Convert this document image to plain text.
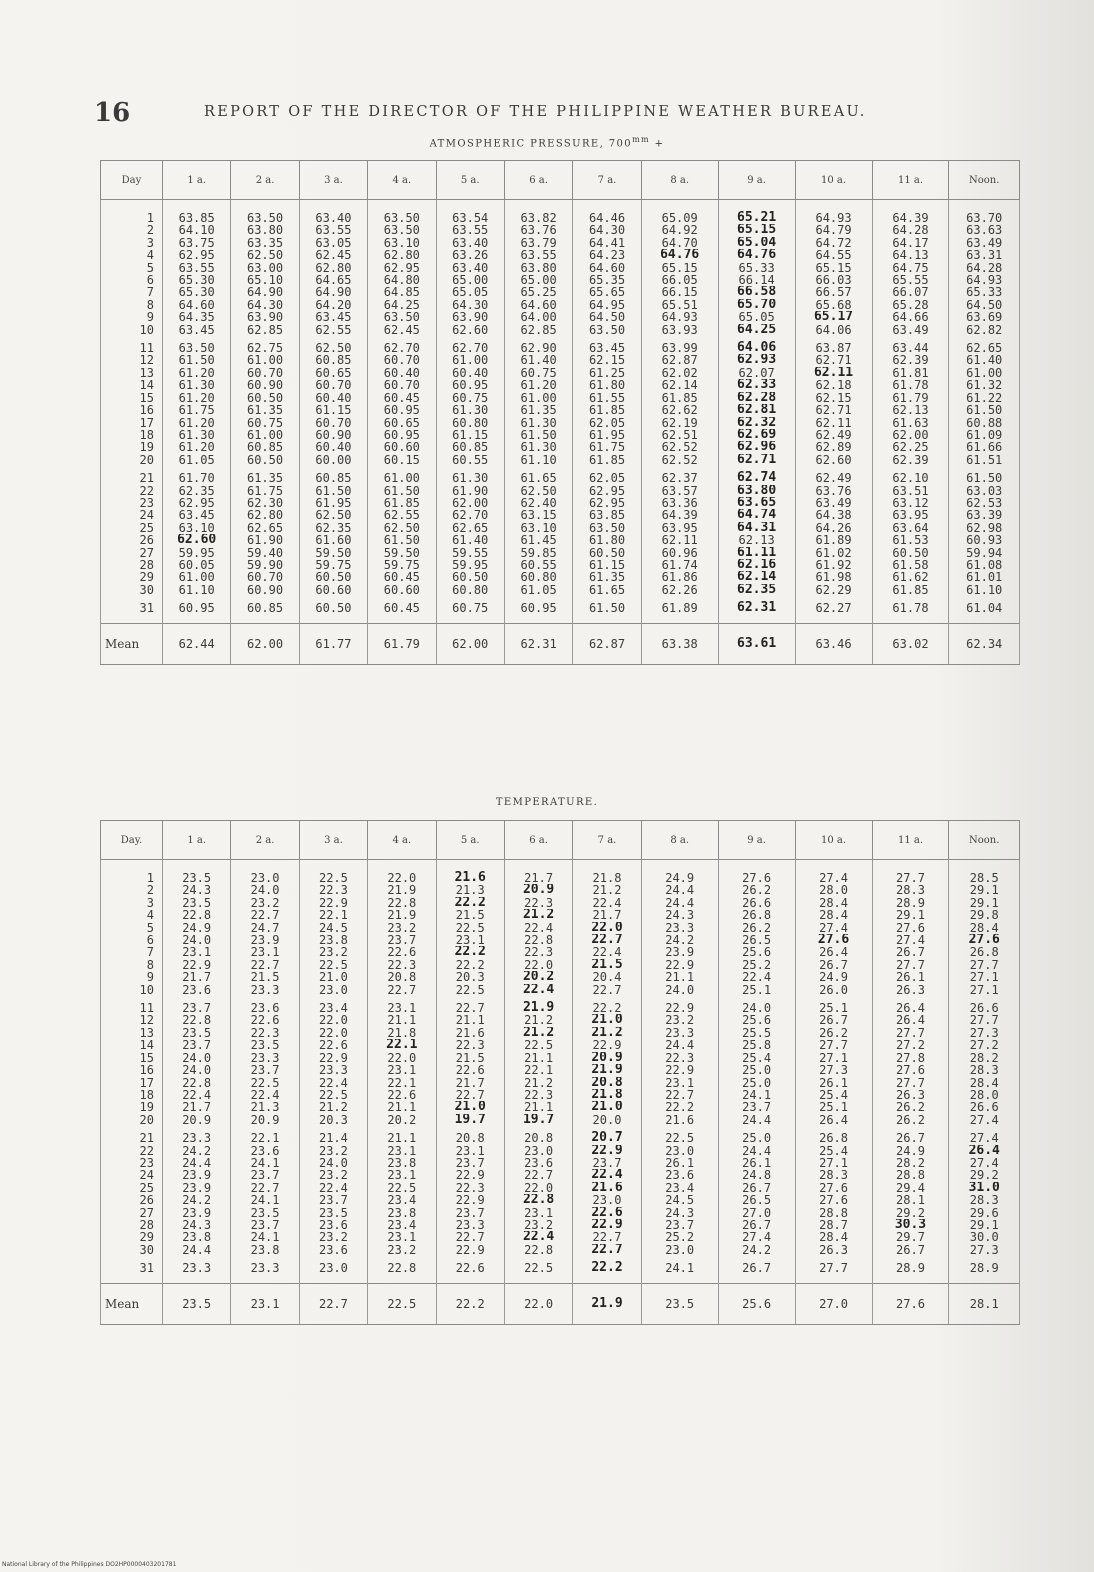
16	REPORT OF THE DIRECTOR OF THE PHILIPPINE WEATHER BUREAU.
ATMOSPHERIC PRESSURE, $700^{mm}$ +
Day	1 a.	2 a.	3 a.	4 a.	5 a.	6 a.	7 a.	8 a.	9 a.	10 a.	11 a.	Noon.
1	63.85	63.50	63.40	63.50	63.54	63.82	64.46	65.09	65.21	64.93	64.39	63.70
2	64.10	63.80	63.55	63.50	63.55	63.76	64.30	64.92	65.15	64.79	64.28	63.63
3	63.75	63.35	63.05	63.10	63.40	63.79	64.41	64.70	65.04	64.72	64.17	63.49
4	62.95	62.50	62.45	62.80	63.26	63.55	64.23	64.76	64.76	64.55	64.13	63.31
5	63.55	63.00	62.80	62.95	63.40	63.80	64.60	65.15	65.33	65.15	64.75	64.28
6	65.30	65.10	64.65	64.80	65.00	65.00	65.35	66.05	66.14	66.03	65.55	64.93
7	65.30	64.90	64.90	64.85	65.05	65.25	65.65	66.15	66.58	66.57	66.07	65.33
8	64.60	64.30	64.20	64.25	64.30	64.60	64.95	65.51	65.70	65.68	65.28	64.50
9	64.35	63.90	63.45	63.50	63.90	64.00	64.50	64.93	65.05	65.17	64.66	63.69
10	63.45	62.85	62.55	62.45	62.60	62.85	63.50	63.93	64.25	64.06	63.49	62.82
11	63.50	62.75	62.50	62.70	62.70	62.90	63.45	63.99	64.06	63.87	63.44	62.65
12	61.50	61.00	60.85	60.70	61.00	61.40	62.15	62.87	62.93	62.71	62.39	61.40
13	61.20	60.70	60.65	60.40	60.40	60.75	61.25	62.02	62.07	62.11	61.81	61.00
14	61.30	60.90	60.70	60.70	60.95	61.20	61.80	62.14	62.33	62.18	61.78	61.32
15	61.20	60.50	60.40	60.45	60.75	61.00	61.55	61.85	62.28	62.15	61.79	61.22
16	61.75	61.35	61.15	60.95	61.30	61.35	61.85	62.62	62.81	62.71	62.13	61.50
17	61.20	60.75	60.70	60.65	60.80	61.30	62.05	62.19	62.32	62.11	61.63	60.88
18	61.30	61.00	60.90	60.95	61.15	61.50	61.95	62.51	62.69	62.49	62.00	61.09
19	61.20	60.85	60.40	60.60	60.85	61.30	61.75	62.52	62.96	62.89	62.25	61.66
20	61.05	60.50	60.00	60.15	60.55	61.10	61.85	62.52	62.71	62.60	62.39	61.51
21	61.70	61.35	60.85	61.00	61.30	61.65	62.05	62.37	62.74	62.49	62.10	61.50
22	62.35	61.75	61.50	61.50	61.90	62.50	62.95	63.57	63.80	63.76	63.51	63.03
23	62.95	62.30	61.95	61.85	62.00	62.40	62.95	63.36	63.65	63.49	63.12	62.53
24	63.45	62.80	62.50	62.55	62.70	63.15	63.85	64.39	64.74	64.38	63.95	63.39
25	63.10	62.65	62.35	62.50	62.65	63.10	63.50	63.95	64.31	64.26	63.64	62.98
26	62.60	61.90	61.60	61.50	61.40	61.45	61.80	62.11	62.13	61.89	61.53	60.93
27	59.95	59.40	59.50	59.50	59.55	59.85	60.50	60.96	61.11	61.02	60.50	59.94
28	60.05	59.90	59.75	59.75	59.95	60.55	61.15	61.74	62.16	61.92	61.58	61.08
29	61.00	60.70	60.50	60.45	60.50	60.80	61.35	61.86	62.14	61.98	61.62	61.01
30	61.10	60.90	60.60	60.60	60.80	61.05	61.65	62.26	62.35	62.29	61.85	61.10
31	60.95	60.85	60.50	60.45	60.75	60.95	61.50	61.89	62.31	62.27	61.78	61.04
Mean	62.44	62.00	61.77	61.79	62.00	62.31	62.87	63.38	63.61	63.46	63.02	62.34
TEMPERATURE.
Day.	1 a.	2 a.	3 a.	4 a.	5 a.	6 a.	7 a.	8 a.	9 a.	10 a.	11 a.	Noon.
1	23.5	23.0	22.5	22.0	21.6	21.7	21.8	24.9	27.6	27.4	27.7	28.5
2	24.3	24.0	22.3	21.9	21.3	20.9	21.2	24.4	26.2	28.0	28.3	29.1
3	23.5	23.2	22.9	22.8	22.2	22.3	22.4	24.4	26.6	28.4	28.9	29.1
4	22.8	22.7	22.1	21.9	21.5	21.2	21.7	24.3	26.8	28.4	29.1	29.8
5	24.9	24.7	24.5	23.2	22.5	22.4	22.0	23.3	26.2	27.4	27.6	28.4
6	24.0	23.9	23.8	23.7	23.1	22.8	22.7	24.2	26.5	27.6	27.4	27.6
7	23.1	23.1	23.2	22.6	22.2	22.3	22.4	23.9	25.6	26.4	26.7	26.8
8	22.9	22.7	22.5	22.3	22.2	22.0	21.5	22.9	25.2	26.7	27.7	27.7
9	21.7	21.5	21.0	20.8	20.3	20.2	20.4	21.1	22.4	24.9	26.1	27.1
10	23.6	23.3	23.0	22.7	22.5	22.4	22.7	24.0	25.1	26.0	26.3	27.1
11	23.7	23.6	23.4	23.1	22.7	21.9	22.2	22.9	24.0	25.1	26.4	26.6
12	22.8	22.6	22.0	21.1	21.1	21.2	21.0	23.2	25.6	26.7	26.4	27.7
13	23.5	22.3	22.0	21.8	21.6	21.2	21.2	23.3	25.5	26.2	27.7	27.3
14	23.7	23.5	22.6	22.1	22.3	22.5	22.9	24.4	25.8	27.7	27.2	27.2
15	24.0	23.3	22.9	22.0	21.5	21.1	20.9	22.3	25.4	27.1	27.8	28.2
16	24.0	23.7	23.3	23.1	22.6	22.1	21.9	22.9	25.0	27.3	27.6	28.3
17	22.8	22.5	22.4	22.1	21.7	21.2	20.8	23.1	25.0	26.1	27.7	28.4
18	22.4	22.4	22.5	22.6	22.7	22.3	21.8	22.7	24.1	25.4	26.3	28.0
19	21.7	21.3	21.2	21.1	21.0	21.1	21.0	22.2	23.7	25.1	26.2	26.6
20	20.9	20.9	20.3	20.2	19.7	19.7	20.0	21.6	24.4	26.4	26.2	27.4
21	23.3	22.1	21.4	21.1	20.8	20.8	20.7	22.5	25.0	26.8	26.7	27.4
22	24.2	23.6	23.2	23.1	23.1	23.0	22.9	23.0	24.4	25.4	24.9	26.4
23	24.4	24.1	24.0	23.8	23.7	23.6	23.7	26.1	26.1	27.1	28.2	27.4
24	23.9	23.7	23.2	23.1	22.9	22.7	22.4	23.6	24.8	28.3	28.8	29.2
25	23.9	22.7	22.4	22.5	22.3	22.0	21.6	23.4	26.7	27.6	29.4	31.0
26	24.2	24.1	23.7	23.4	22.9	22.8	23.0	24.5	26.5	27.6	28.1	28.3
27	23.9	23.5	23.5	23.8	23.7	23.1	22.6	24.3	27.0	28.8	29.2	29.6
28	24.3	23.7	23.6	23.4	23.3	23.2	22.9	23.7	26.7	28.7	30.3	29.1
29	23.8	24.1	23.2	23.1	22.7	22.4	22.7	25.2	27.4	28.4	29.7	30.0
30	24.4	23.8	23.6	23.2	22.9	22.8	22.7	23.0	24.2	26.3	26.7	27.3
31	23.3	23.3	23.0	22.8	22.6	22.5	22.2	24.1	26.7	27.7	28.9	28.9
Mean	23.5	23.1	22.7	22.5	22.2	22.0	21.9	23.5	25.6	27.0	27.6	28.1
National Library of the Philippines DO2HP0000403201781
